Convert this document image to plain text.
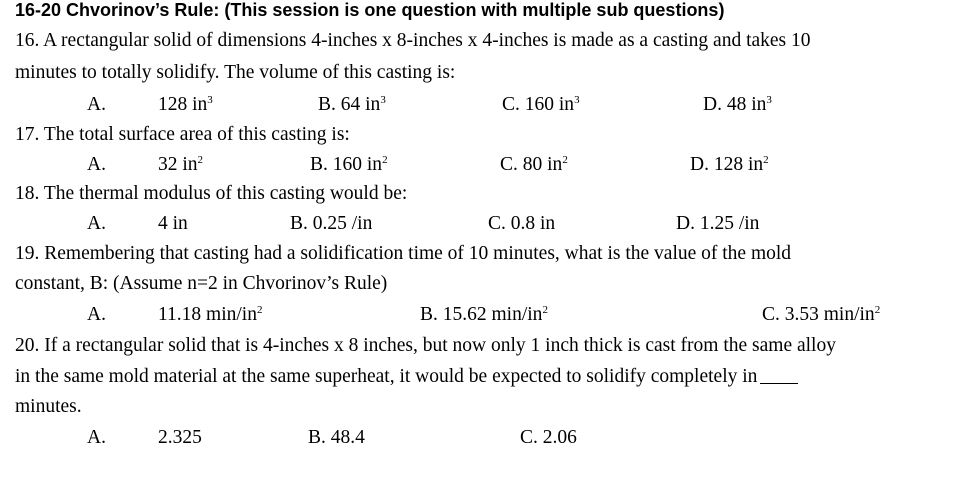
16-20 Chvorinov’s Rule: (This session is one question with multiple sub questions)
16. A rectangular solid of dimensions 4-inches x 8-inches x 4-inches is made as a casting and takes 10
minutes to totally solidify. The volume of this casting is:
A.	128 $in^3$	B. 64 $in^3$	C. 160 $in^3$	D. 48 $in^3$
17. The total surface area of this casting is:
A.	32 $in^2$	B. 160 $in^2$	C. 80 $in^2$	D. 128 $in^2$
18. The thermal modulus of this casting would be:
A.	4 in	B. 0.25 /in	C. 0.8 in	D. 1.25 /in
19. Remembering that casting had a solidification time of 10 minutes, what is the value of the mold
constant, B: (Assume n=2 in Chvorinov’s Rule)
A.	11.18 $\min/in^2$	B. 15.62 $\min/in^2$	C. 3.53 $\min/in^2$
20. If a rectangular solid that is 4-inches x 8 inches, but now only 1 inch thick is cast from the same alloy
in the same mold material at the same superheat, it would be expected to solidify completely in
minutes.
A.	2.325	B. 48.4	C. 2.06
